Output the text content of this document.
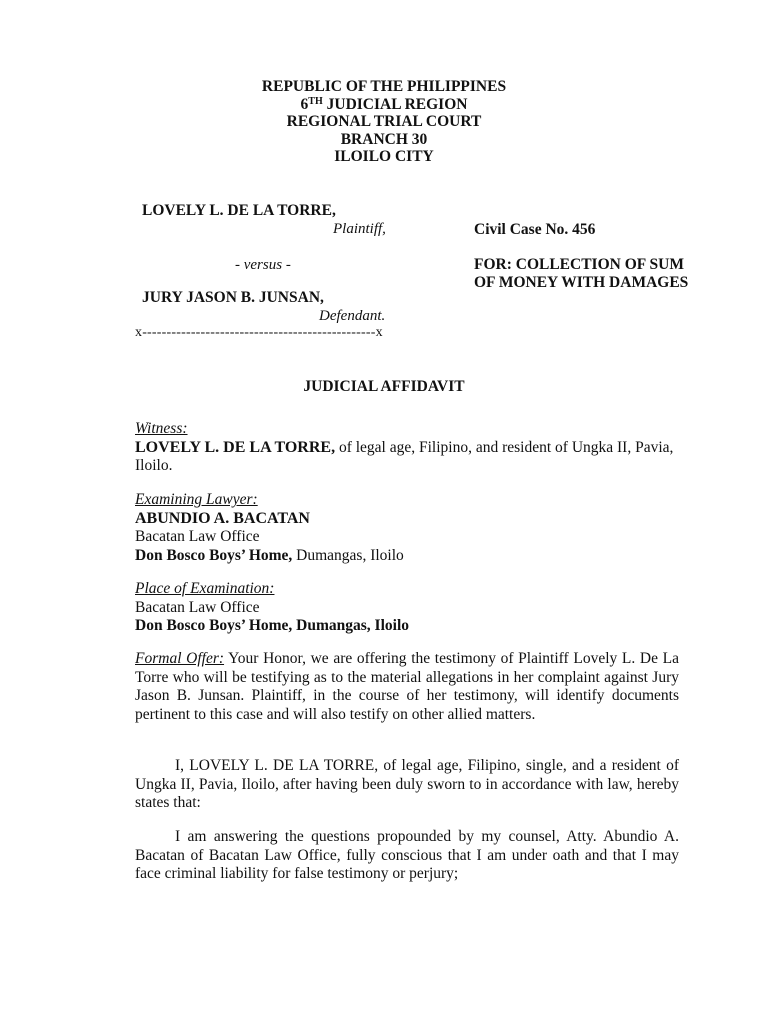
REPUBLIC OF THE PHILIPPINES

6TH JUDICIAL REGION

REGIONAL TRIAL COURT

BRANCH 30

ILOILO CITY

LOVELY L. DE LA TORRE,
Plaintiff,
- versus -
JURY JASON B. JUNSAN,
Defendant.
x------------------------------------------------x
Civil Case No. 456
FOR: COLLECTION OF SUM
OF MONEY WITH DAMAGES
JUDICIAL AFFIDAVIT

Witness:

LOVELY L. DE LA TORRE, of legal age, Filipino, and resident of Ungka II, Pavia, Iloilo.

Examining Lawyer:

ABUNDIO A. BACATAN

Bacatan Law Office

Don Bosco Boys’ Home, Dumangas, Iloilo

Place of Examination:

Bacatan Law Office

Don Bosco Boys’ Home, Dumangas, Iloilo

Formal Offer: Your Honor, we are offering the testimony of Plaintiff Lovely L. De La Torre who will be testifying as to the material allegations in her complaint against Jury Jason B. Junsan. Plaintiff, in the course of her testimony, will identify documents pertinent to this case and will also testify on other allied matters.

I, LOVELY L. DE LA TORRE, of legal age, Filipino, single, and a resident of Ungka II, Pavia, Iloilo, after having been duly sworn to in accordance with law, hereby states that:

I am answering the questions propounded by my counsel, Atty. Abundio A. Bacatan of Bacatan Law Office, fully conscious that I am under oath and that I may face criminal liability for false testimony or perjury;
